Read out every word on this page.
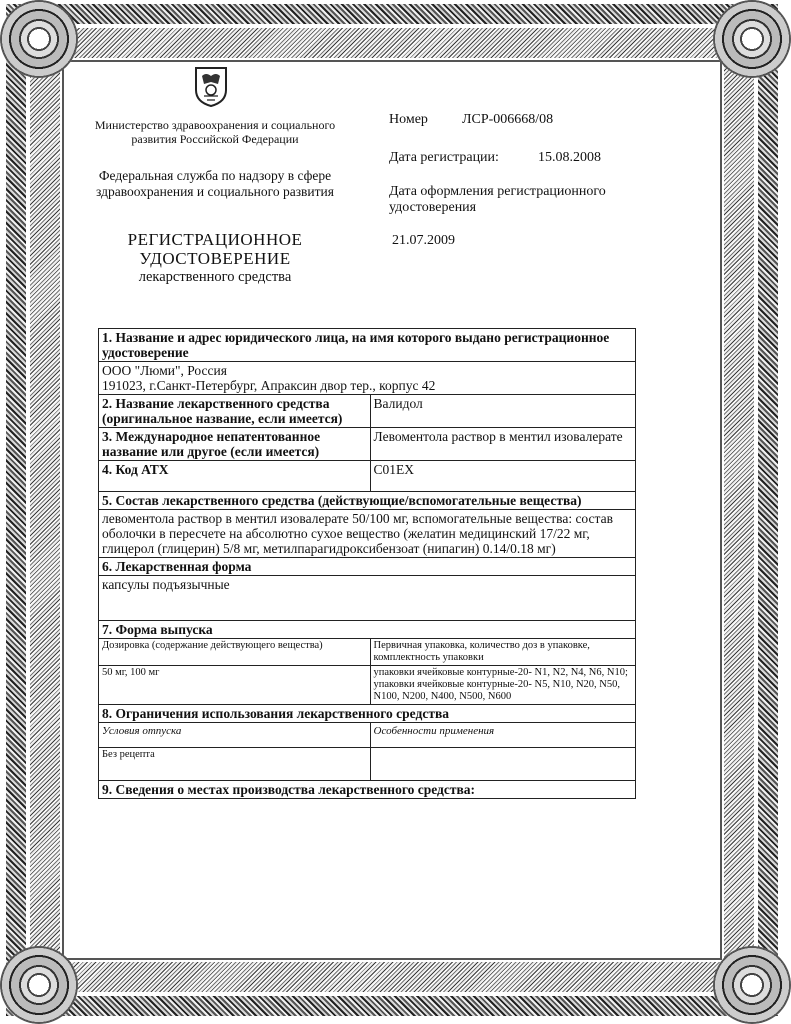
Министерство здравоохранения и социального развития Российской Федерации
Федеральная служба по надзору в сфере здравоохранения и социального развития
РЕГИСТРАЦИОННОЕ УДОСТОВЕРЕНИЕ
лекарственного средства
Номер ЛСР-006668/08
Дата регистрации:	15.08.2008
Дата оформления регистрационного удостоверения
21.07.2009
1. Название и адрес юридического лица, на имя которого выдано регистрационное удостоверение	

ООО "Люми", Россия
191023, г.Санкт-Петербург, Апраксин двор тер., корпус 42	

2. Название лекарственного средства (оригинальное название, если имеется)	Валидол
3. Международное непатентованное название или другое (если имеется)	Левоментола раствор в ментил изовалерате
4. Код АТХ	C01EX
5. Состав лекарственного средства (действующие/вспомогательные вещества)	
левоментола раствор в ментил изовалерате 50/100 мг, вспомогательные вещества: состав оболочки в пересчете на абсолютно сухое вещество (желатин медицинский 17/22 мг, глицерол (глицерин) 5/8 мг, метилпарагидроксибензоат (нипагин) 0.14/0.18 мг)	
6. Лекарственная форма	
капсулы подъязычные	
7. Форма выпуска	
Дозировка (содержание действующего вещества)	Первичная упаковка, количество доз в упаковке, комплектность упаковки
50 мг, 100 мг	упаковки ячейковые контурные-20- N1, N2, N4, N6, N10;
упаковки ячейковые контурные-20- N5, N10, N20, N50, N100, N200, N400, N500, N600

8. Ограничения использования лекарственного средства	
Условия отпуска	Особенности применения
Без рецепта	
9. Сведения о местах производства лекарственного средства:	
